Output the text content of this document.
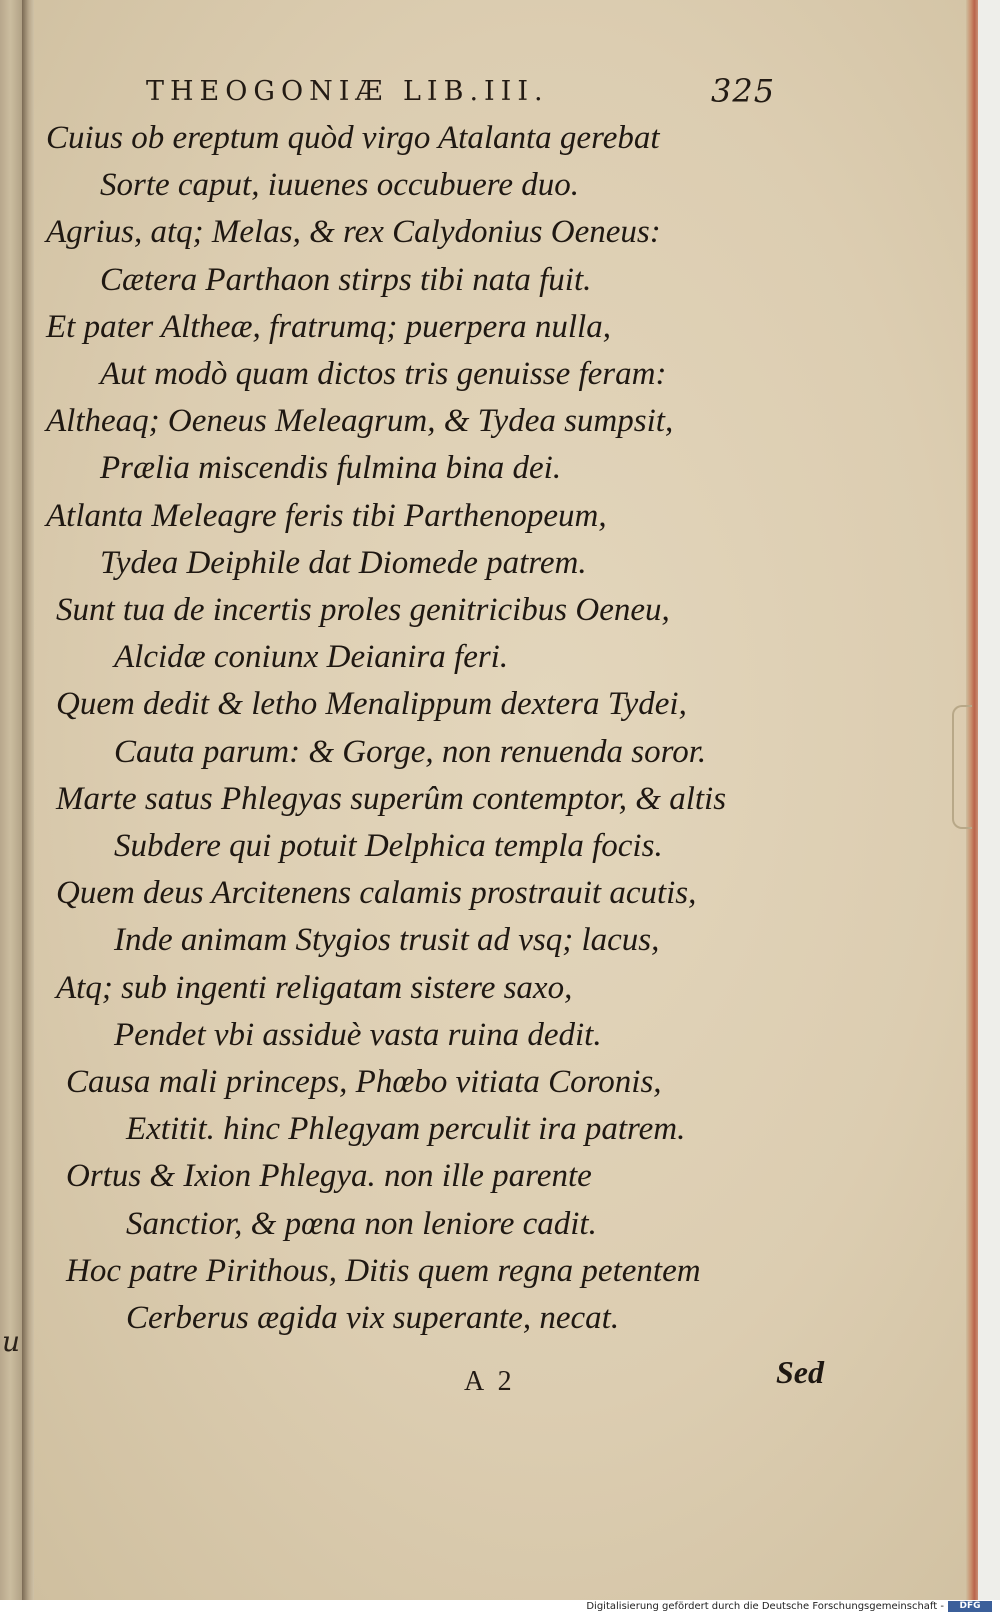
u
THEOGONIÆ LIB.III.	325
Cuius ob ereptum quòd virgo Atalanta gerebat
Sorte caput, iuuenes occubuere duo.
Agrius, atq; Melas, & rex Calydonius Oeneus:
Cætera Parthaon stirps tibi nata fuit.
Et pater Altheæ, fratrumq; puerpera nulla,
Aut modò quam dictos tris genuisse feram:
Altheaq; Oeneus Meleagrum, & Tydea sumpsit,
Prælia miscendis fulmina bina dei.
Atlanta Meleagre feris tibi Parthenopeum,
Tydea Deiphile dat Diomede patrem.
Sunt tua de incertis proles genitricibus Oeneu,
Alcidæ coniunx Deianira feri.
Quem dedit & letho Menalippum dextera Tydei,
Cauta parum: & Gorge, non renuenda soror.
Marte satus Phlegyas superûm contemptor, & altis
Subdere qui potuit Delphica templa focis.
Quem deus Arcitenens calamis prostrauit acutis,
Inde animam Stygios trusit ad vsq; lacus,
Atq; sub ingenti religatam sistere saxo,
Pendet vbi assiduè vasta ruina dedit.
Causa mali princeps, Phœbo vitiata Coronis,
Extitit. hinc Phlegyam perculit ira patrem.
Ortus & Ixion Phlegya. non ille parente
Sanctior, & pœna non leniore cadit.
Hoc patre Pirithous, Ditis quem regna petentem
Cerberus ægida vix superante, necat.
A 2	Sed
Digitalisierung gefördert durch die Deutsche Forschungsgemeinschaft -	DFG
